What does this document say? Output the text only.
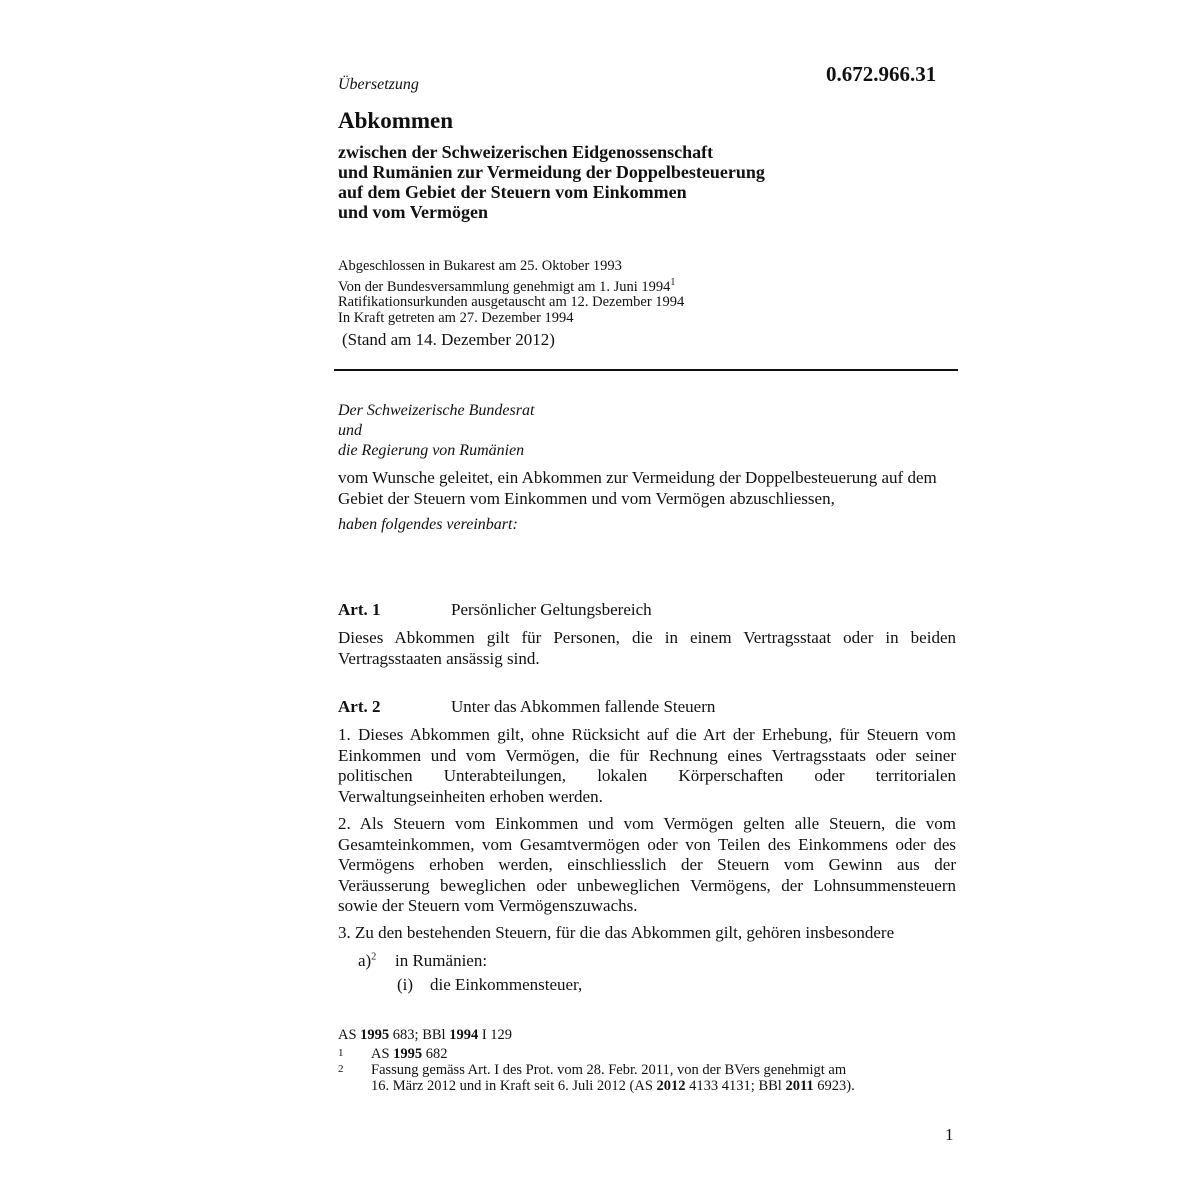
0.672.966.31
Übersetzung
Abkommen
zwischen der Schweizerischen Eidgenossenschaft
und Rumänien zur Vermeidung der Doppelbesteuerung
auf dem Gebiet der Steuern vom Einkommen
und vom Vermögen
Abgeschlossen in Bukarest am 25. Oktober 1993
Von der Bundesversammlung genehmigt am 1. Juni 1994$^1$
Ratifikationsurkunden ausgetauscht am 12. Dezember 1994
In Kraft getreten am 27. Dezember 1994
(Stand am 14. Dezember 2012)
Der Schweizerische Bundesrat
und
die Regierung von Rumänien

vom Wunsche geleitet, ein Abkommen zur Vermeidung der Doppelbesteuerung auf dem Gebiet der Steuern vom Einkommen und vom Vermögen abzuschliessen,

haben folgendes vereinbart:
Art. 1	Persönlicher Geltungsbereich

Dieses Abkommen gilt für Personen, die in einem Vertragsstaat oder in beiden Vertragsstaaten ansässig sind.

Art. 2	Unter das Abkommen fallende Steuern

1. Dieses Abkommen gilt, ohne Rücksicht auf die Art der Erhebung, für Steuern vom Einkommen und vom Vermögen, die für Rechnung eines Vertragsstaats oder seiner politischen Unterabteilungen, lokalen Körperschaften oder territorialen Verwaltungseinheiten erhoben werden.

2. Als Steuern vom Einkommen und vom Vermögen gelten alle Steuern, die vom Gesamteinkommen, vom Gesamtvermögen oder von Teilen des Einkommens oder des Vermögens erhoben werden, einschliesslich der Steuern vom Gewinn aus der Veräusserung beweglichen oder unbeweglichen Vermögens, der Lohnsummensteuern sowie der Steuern vom Vermögenszuwachs.

3. Zu den bestehenden Steuern, für die das Abkommen gilt, gehören insbesondere

a)$^2$ in Rumänien:
(i) die Einkommensteuer,
AS 1995 683; BBl 1994 I 129
1 AS 1995 682
2 Fassung gemäss Art. I des Prot. vom 28. Febr. 2011, von der BVers genehmigt am
16. März 2012 und in Kraft seit 6. Juli 2012 (AS 2012 4133 4131; BBl 2011 6923).
1
